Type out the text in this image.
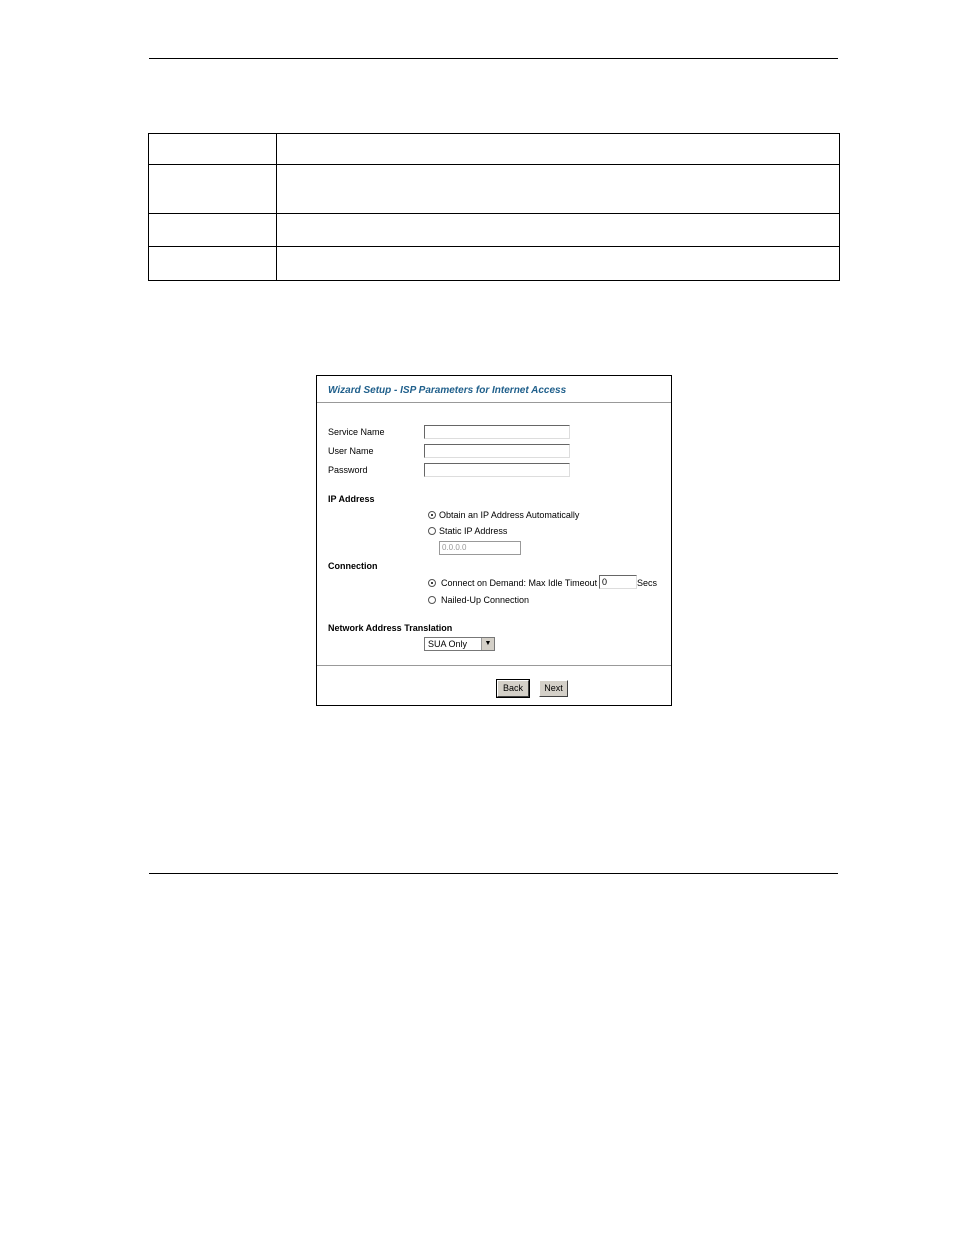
Wizard Setup - ISP Parameters for Internet Access
Service Name
User Name
Password
IP Address
Obtain an IP Address Automatically
Static IP Address
0.0.0.0
Connection
Connect on Demand: Max Idle Timeout 0	Secs
Nailed-Up Connection
Network Address Translation
SUA Only	▼
Back	Next
